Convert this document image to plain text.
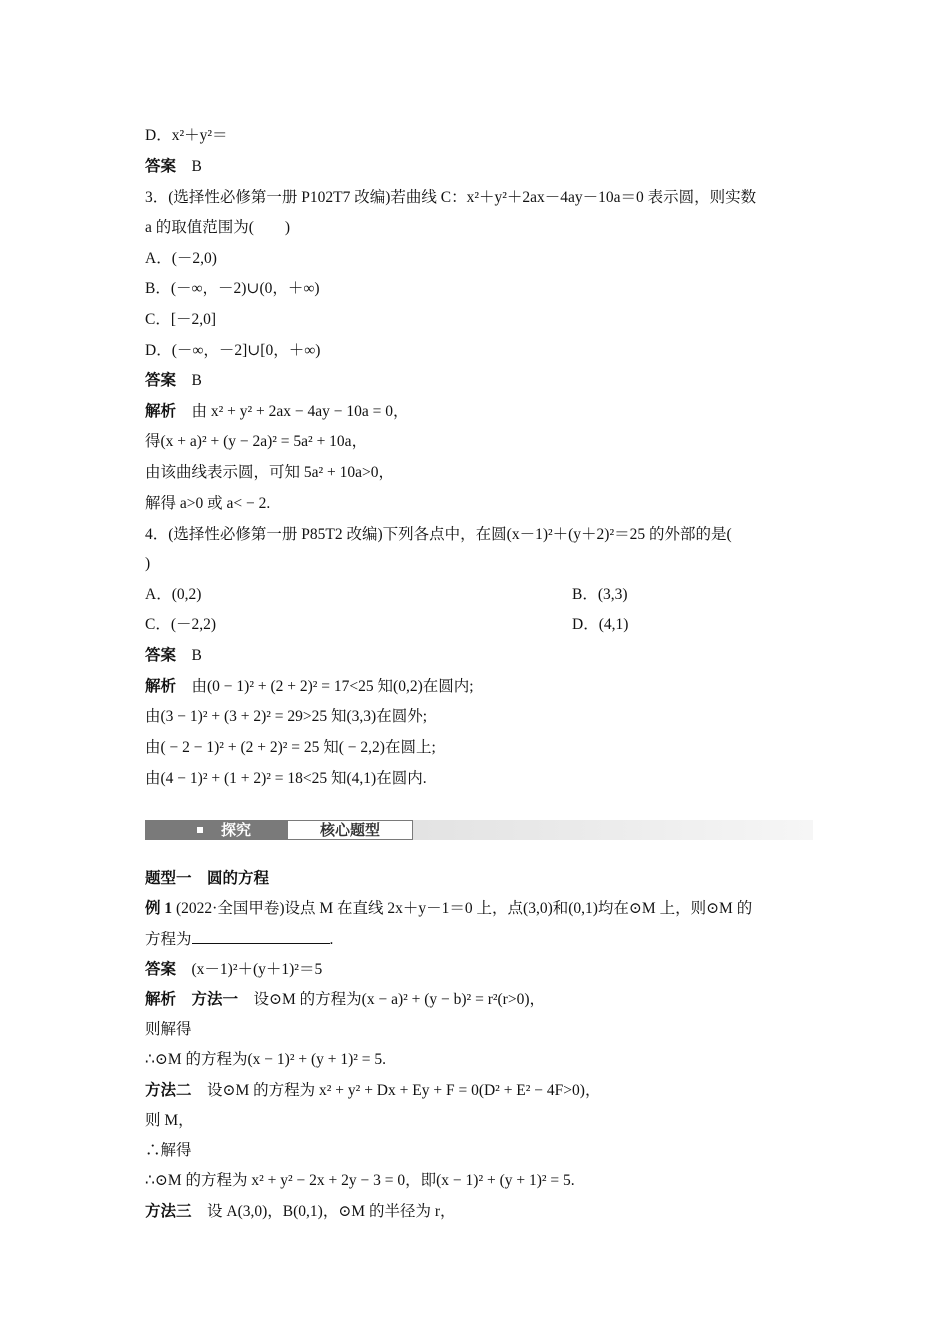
D．x²＋y²＝
答案　B
3．(选择性必修第一册 P102T7 改编)若曲线 C：x²＋y²＋2ax－4ay－10a＝0 表示圆，则实数
a 的取值范围为(　　)
A．(－2,0)
B．(－∞，－2)∪(0，＋∞)
C．[－2,0]
D．(－∞，－2]∪[0，＋∞)
答案　B
解析　由 x² + y² + 2ax − 4ay − 10a = 0，
得(x + a)² + (y − 2a)² = 5a² + 10a，
由该曲线表示圆，可知 5a² + 10a>0，
解得 a>0 或 a< − 2.
4．(选择性必修第一册 P85T2 改编)下列各点中，在圆(x－1)²＋(y＋2)²＝25 的外部的是(
)
A．(0,2)	B．(3,3)
C．(－2,2)	D．(4,1)
答案　B
解析　由(0 − 1)² + (2 + 2)² = 17<25 知(0,2)在圆内;
由(3 − 1)² + (3 + 2)² = 29>25 知(3,3)在圆外;
由( − 2 − 1)² + (2 + 2)² = 25 知( − 2,2)在圆上;
由(4 − 1)² + (1 + 2)² = 18<25 知(4,1)在圆内.
题型一　圆的方程
例 1 (2022·全国甲卷)设点 M 在直线 2x＋y－1＝0 上，点(3,0)和(0,1)均在⊙M 上，则⊙M 的
方程为	.
答案　(x－1)²＋(y＋1)²＝5
解析　方法一　设⊙M 的方程为(x − a)² + (y − b)² = r²(r>0)，
则解得
∴⊙M 的方程为(x − 1)² + (y + 1)² = 5.
方法二　设⊙M 的方程为 x² + y² + Dx + Ey + F = 0(D² + E² − 4F>0)，
则 M，
∴解得
∴⊙M 的方程为 x² + y² − 2x + 2y − 3 = 0，即(x − 1)² + (y + 1)² = 5.
方法三　设 A(3,0)，B(0,1)，⊙M 的半径为 r，
探究	核心题型
